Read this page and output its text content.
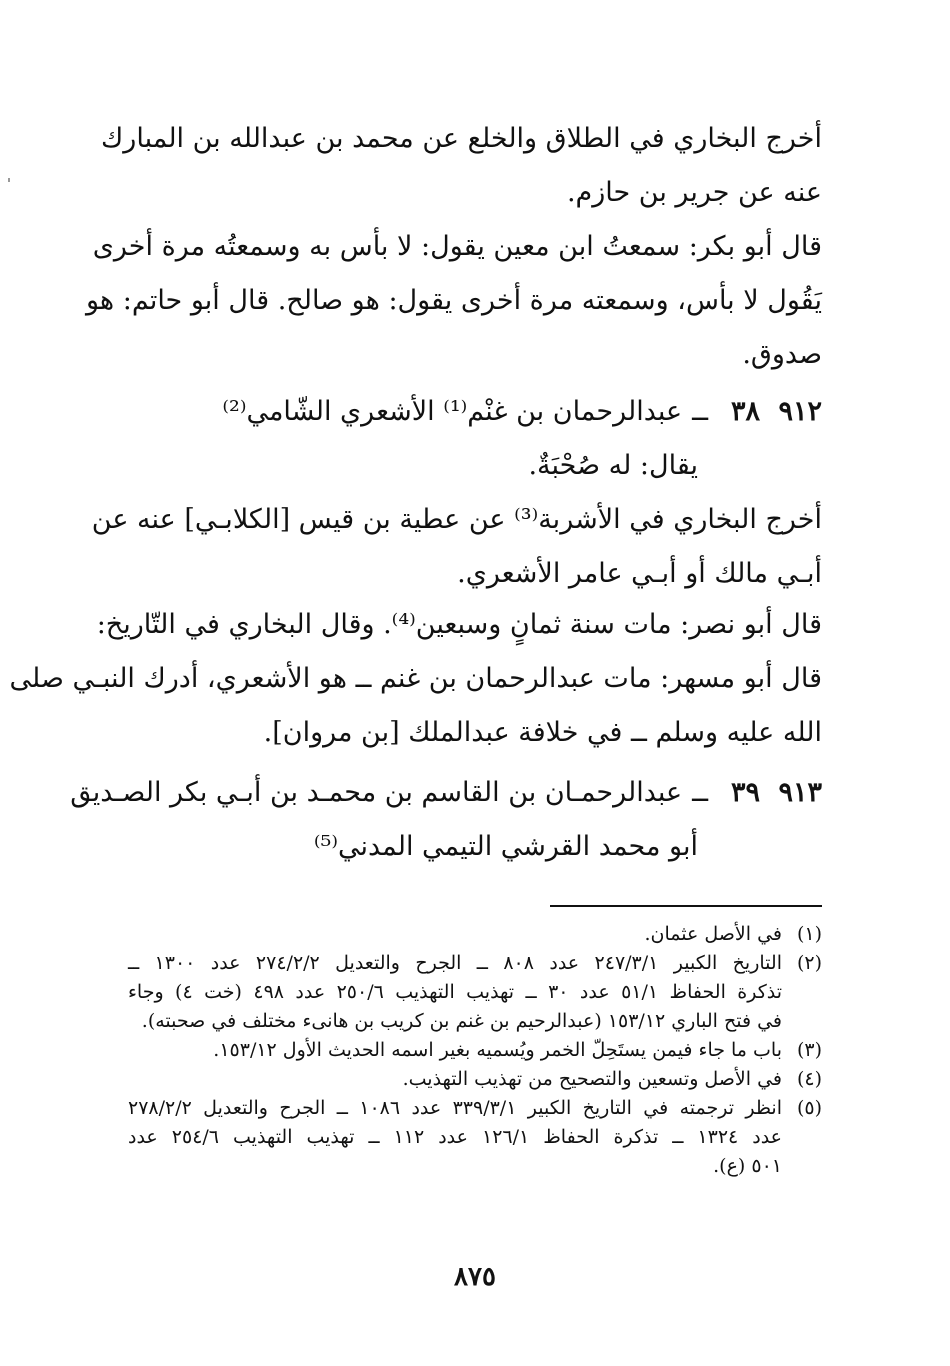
أخرج البخاري في الطلاق والخلع عن محمد بن عبدالله بن المبارك
عنه عن جرير بن حازم.
قال أبو بكر: سمعتُ ابن معين يقول: لا بأس به وسمعتُه مرة أخرى
يَقُول لا بأس، وسمعته مرة أخرى يقول: هو صالح. قال أبو حاتم: هو
صدوق.
٩١٢
٣٨
ــ
عبدالرحمان بن غنْم⁽¹⁾ الأشعري الشّامي⁽²⁾
يقال: له صُحْبَةٌ.
أخرج البخاري في الأشربة⁽³⁾ عن عطية بن قيس [الكلابـي] عنه عن
أبـي مالك أو أبـي عامر الأشعري.
قال أبو نصر: مات سنة ثمانٍ وسبعين⁽⁴⁾. وقال البخاري في التّاريخ:
قال أبو مسهر: مات عبدالرحمان بن غنم ــ هو الأشعري، أدرك النبـي صلى
الله عليه وسلم ــ في خلافة عبدالملك [بن مروان].
٩١٣
٣٩
ــ
عبدالرحمـان بن القاسم بن محمـد بن أبـي بكر الصـديق
أبو محمد القرشي التيمي المدني⁽⁵⁾
(١)
في الأصل عثمان.
(٢)
التاريخ الكبير ٢٤٧/٣/١ عدد ٨٠٨ ــ الجرح والتعديل ٢٧٤/٢/٢ عدد ١٣٠٠ ــ
تذكرة الحفاظ ٥١/١ عدد ٣٠ ــ تهذيب التهذيب ٢٥٠/٦ عدد ٤٩٨ (خت ٤) وجاء
في فتح الباري ١٥٣/١٢ (عبدالرحيم بن غنم بن كريب بن هانىء مختلف في صحبته).
(٣)
باب ما جاء فيمن يستَحِلّ الخمر ويُسميه بغير اسمه الحديث الأول ١٥٣/١٢.
(٤)
في الأصل وتسعين والتصحيح من تهذيب التهذيب.
(٥)
انظر ترجمته في التاريخ الكبير ٣٣٩/٣/١ عدد ١٠٨٦ ــ الجرح والتعديل ٢٧٨/٢/٢
عدد ١٣٢٤ ــ تذكرة الحفاظ ١٢٦/١ عدد ١١٢ ــ تهذيب التهذيب ٢٥٤/٦ عدد
٥٠١ (ع).
٨٧٥
